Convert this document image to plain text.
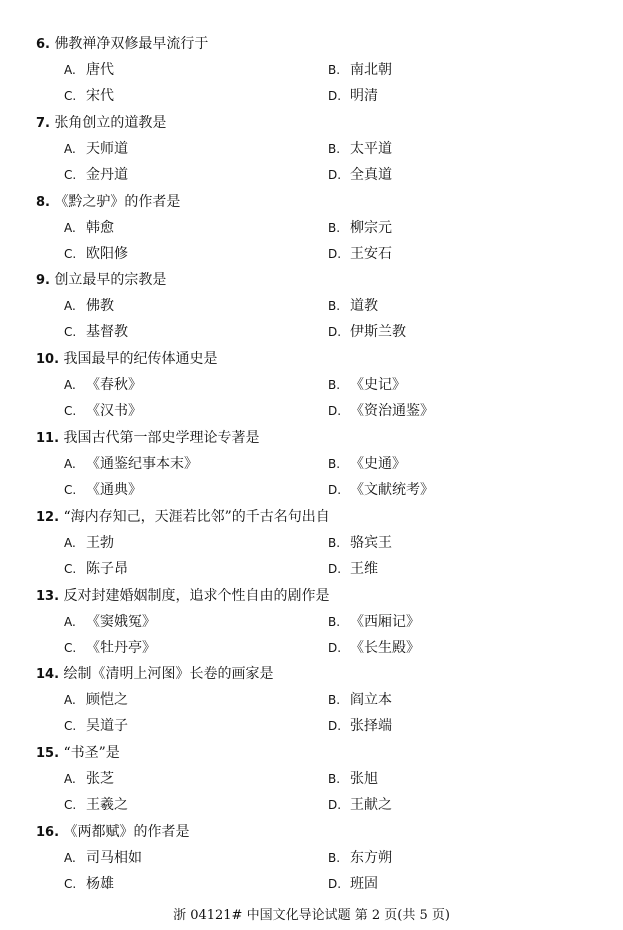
6. 佛教禅净双修最早流行于
A. 唐代	B. 南北朝
C. 宋代	D. 明清
7. 张角创立的道教是
A. 天师道	B. 太平道
C. 金丹道	D. 全真道
8. 《黔之驴》的作者是
A. 韩愈	B. 柳宗元
C. 欧阳修	D. 王安石
9. 创立最早的宗教是
A. 佛教	B. 道教
C. 基督教	D. 伊斯兰教
10. 我国最早的纪传体通史是
A. 《春秋》	B. 《史记》
C. 《汉书》	D. 《资治通鉴》
11. 我国古代第一部史学理论专著是
A. 《通鉴纪事本末》	B. 《史通》
C. 《通典》	D. 《文献统考》
12. “海内存知己，天涯若比邻”的千古名句出自
A. 王勃	B. 骆宾王
C. 陈子昂	D. 王维
13. 反对封建婚姻制度，追求个性自由的剧作是
A. 《窦娥冤》	B. 《西厢记》
C. 《牡丹亭》	D. 《长生殿》
14. 绘制《清明上河图》长卷的画家是
A. 顾恺之	B. 阎立本
C. 吴道子	D. 张择端
15. “书圣”是
A. 张芝	B. 张旭
C. 王羲之	D. 王献之
16. 《两都赋》的作者是
A. 司马相如	B. 东方朔
C. 杨雄	D. 班固
浙 04121# 中国文化导论试题 第 2 页(共 5 页)
